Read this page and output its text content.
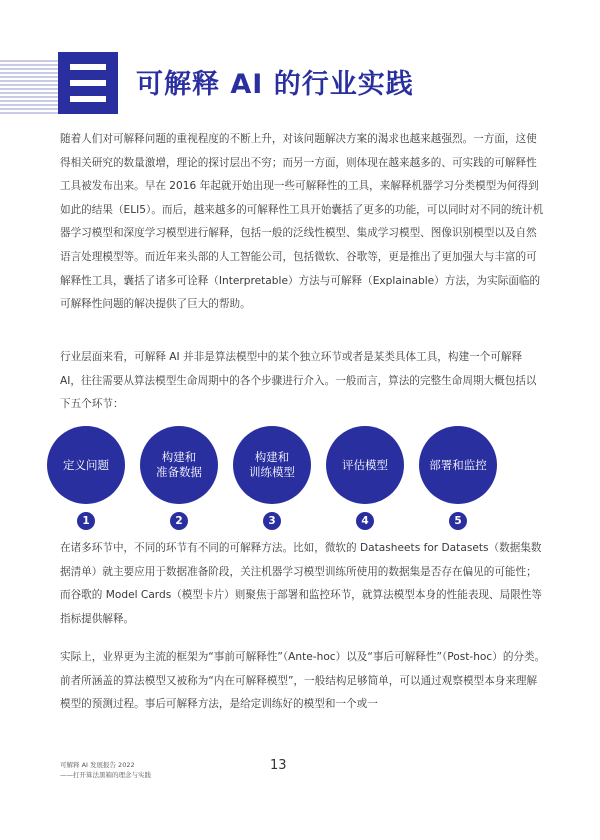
可解释 AI 的行业实践

随着人们对可解释问题的重视程度的不断上升，对该问题解决方案的渴求也越来越强烈。一方面，这使得相关研究的数量激增，理论的探讨层出不穷；而另一方面，则体现在越来越多的、可实践的可解释性工具被发布出来。早在 2016 年起就开始出现一些可解释性的工具，来解释机器学习分类模型为何得到如此的结果（ELI5）。而后，越来越多的可解释性工具开始囊括了更多的功能，可以同时对不同的统计机器学习模型和深度学习模型进行解释，包括一般的泛线性模型、集成学习模型、图像识别模型以及自然语言处理模型等。而近年来头部的人工智能公司，包括微软、谷歌等，更是推出了更加强大与丰富的可解释性工具，囊括了诸多可诠释（Interpretable）方法与可解释（Explainable）方法，为实际面临的可解释性问题的解决提供了巨大的帮助。

行业层面来看，可解释 AI 并非是算法模型中的某个独立环节或者是某类具体工具，构建一个可解释 AI，往往需要从算法模型生命周期中的各个步骤进行介入。一般而言，算法的完整生命周期大概包括以下五个环节：

定义问题
1
构建和
准备数据
2
构建和
训练模型
3
评估模型
4
部署和监控
5

在诸多环节中，不同的环节有不同的可解释方法。比如，微软的 Datasheets for Datasets（数据集数据清单）就主要应用于数据准备阶段，关注机器学习模型训练所使用的数据集是否存在偏见的可能性；而谷歌的 Model Cards（模型卡片）则聚焦于部署和监控环节，就算法模型本身的性能表现、局限性等指标提供解释。

实际上，业界更为主流的框架为“事前可解释性”（Ante-hoc）以及“事后可解释性”（Post-hoc）的分类。前者所涵盖的算法模型又被称为“内在可解释模型”，一般结构足够简单，可以通过观察模型本身来理解模型的预测过程。事后可解释方法，是给定训练好的模型和一个或一

可解释 AI 发展报告 2022
——打开算法黑箱的理念与实践
13
